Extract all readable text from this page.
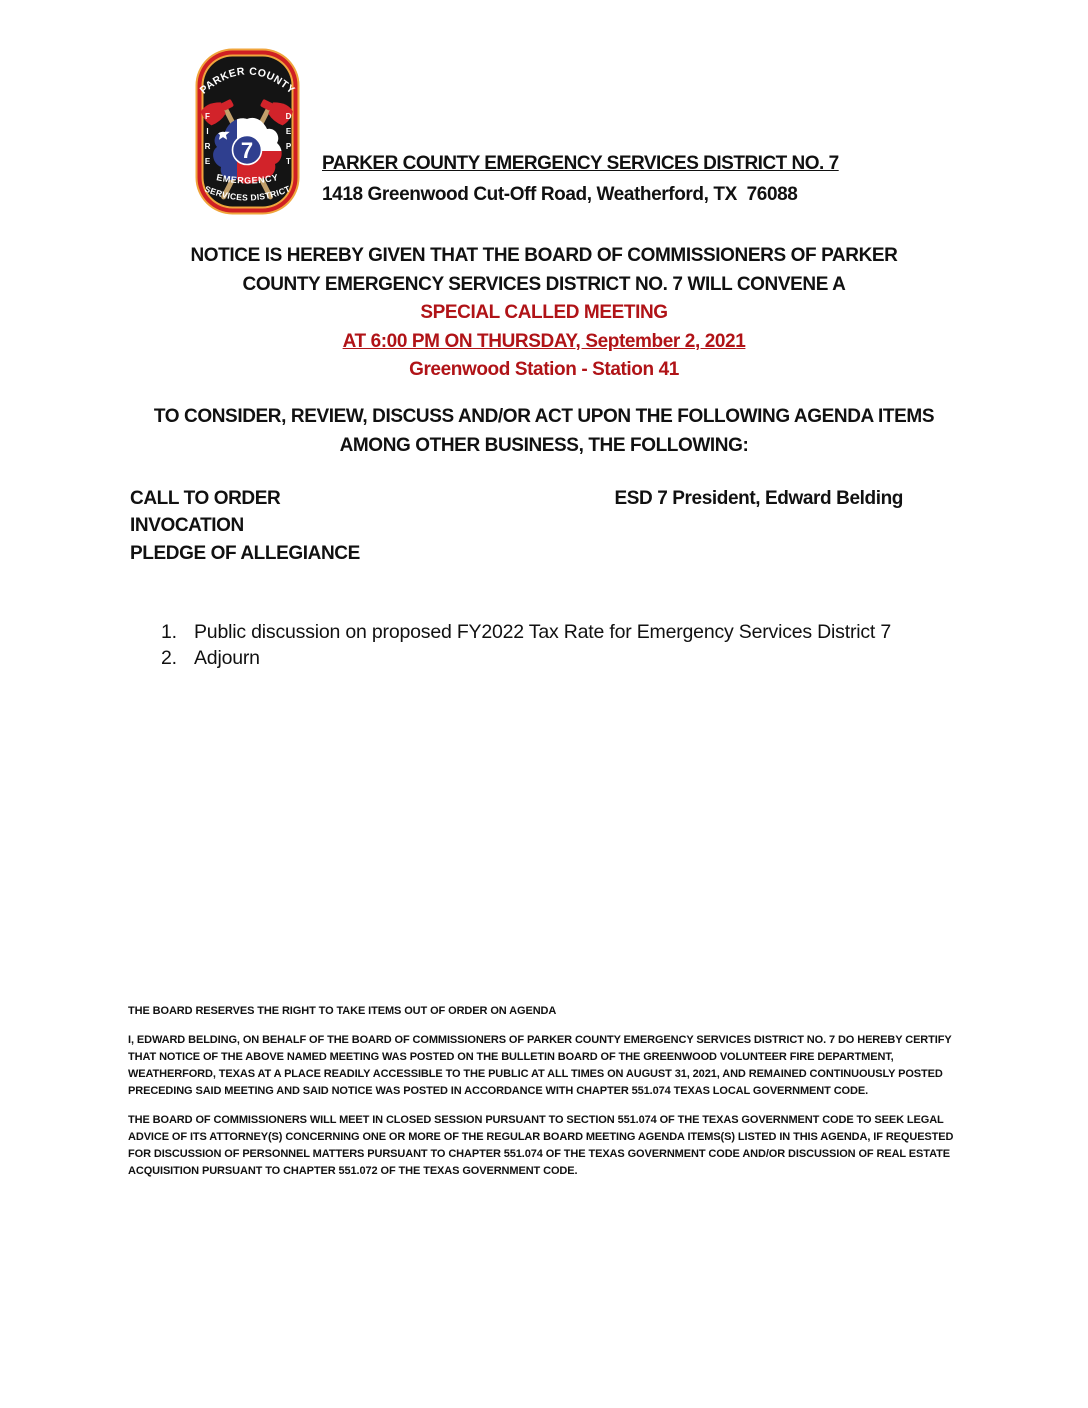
7
PARKER COUNTY
EMERGENCY
SERVICES DISTRICT
FIRE	DEPT PARKER COUNTY EMERGENCY SERVICES DISTRICT NO. 7
1418 Greenwood Cut-Off Road, Weatherford, TX  76088
NOTICE IS HEREBY GIVEN THAT THE BOARD OF COMMISSIONERS OF PARKER
COUNTY EMERGENCY SERVICES DISTRICT NO. 7 WILL CONVENE A
SPECIAL CALLED MEETING
AT 6:00 PM ON THURSDAY, September 2, 2021
Greenwood Station - Station 41
TO CONSIDER, REVIEW, DISCUSS AND/OR ACT UPON THE FOLLOWING AGENDA ITEMS
AMONG OTHER BUSINESS, THE FOLLOWING:
CALL TO ORDER	ESD 7 President, Edward Belding
INVOCATION
PLEDGE OF ALLEGIANCE
1. Public discussion on proposed FY2022 Tax Rate for Emergency Services District 7
2. Adjourn

THE BOARD RESERVES THE RIGHT TO TAKE ITEMS OUT OF ORDER ON AGENDA

I, EDWARD BELDING, ON BEHALF OF THE BOARD OF COMMISSIONERS OF PARKER COUNTY EMERGENCY SERVICES DISTRICT NO. 7 DO HEREBY CERTIFY THAT NOTICE OF THE ABOVE NAMED MEETING WAS POSTED ON THE BULLETIN BOARD OF THE GREENWOOD VOLUNTEER FIRE DEPARTMENT, WEATHERFORD, TEXAS AT A PLACE READILY ACCESSIBLE TO THE PUBLIC AT ALL TIMES ON AUGUST 31, 2021, AND REMAINED CONTINUOUSLY POSTED PRECEDING SAID MEETING AND SAID NOTICE WAS POSTED IN ACCORDANCE WITH CHAPTER 551.074 TEXAS LOCAL GOVERNMENT CODE.

THE BOARD OF COMMISSIONERS WILL MEET IN CLOSED SESSION PURSUANT TO SECTION 551.074 OF THE TEXAS GOVERNMENT CODE TO SEEK LEGAL ADVICE OF ITS ATTORNEY(S) CONCERNING ONE OR MORE OF THE REGULAR BOARD MEETING AGENDA ITEMS(S) LISTED IN THIS AGENDA, IF REQUESTED FOR DISCUSSION OF PERSONNEL MATTERS PURSUANT TO CHAPTER 551.074 OF THE TEXAS GOVERNMENT CODE AND/OR DISCUSSION OF REAL ESTATE ACQUISITION PURSUANT TO CHAPTER 551.072 OF THE TEXAS GOVERNMENT CODE.
